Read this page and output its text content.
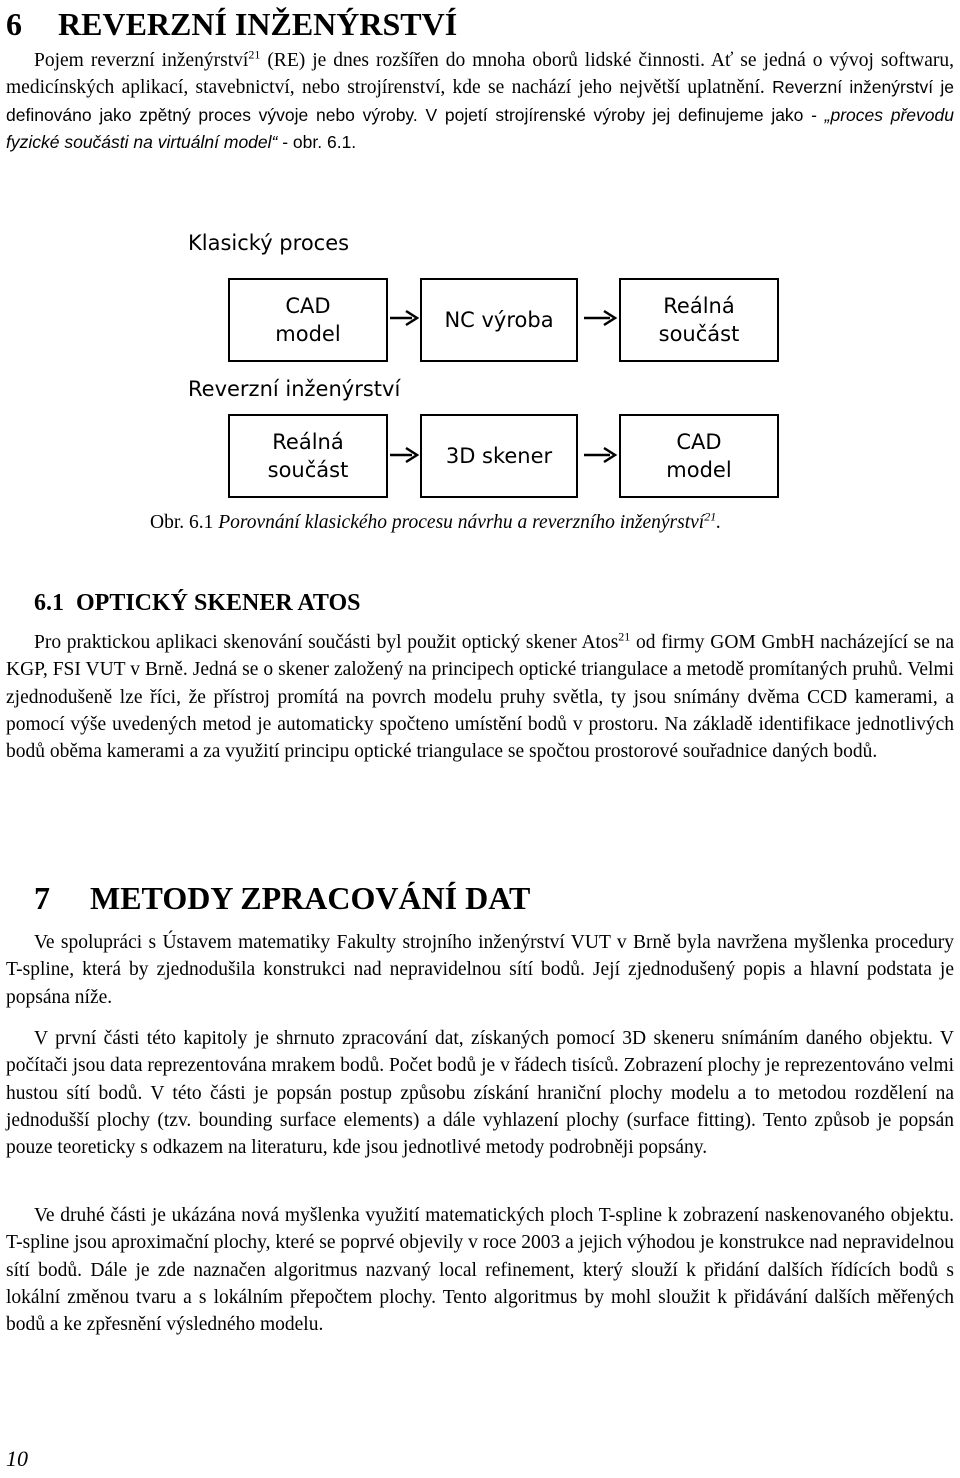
6 REVERZNÍ INŽENÝRSTVÍ

Pojem reverzní inženýrství$^{21}$ (RE) je dnes rozšířen do mnoha oborů lidské činnosti. Ať se jedná o vývoj softwaru, medicínských aplikací, stavebnictví, nebo strojírenství, kde se nachází jeho největší uplatnění. Reverzní inženýrství je definováno jako zpětný proces vývoje nebo výroby. V pojetí strojírenské výroby jej definujeme jako - „proces převodu fyzické součásti na virtuální model“ - obr. 6.1.

Klasický proces
CAD
model
NC výroba
Reálná
součást
Reverzní inženýrství
Reálná
součást
3D skener
CAD
model
Obr. 6.1 Porovnání klasického procesu návrhu a reverzního inženýrství$^{21}$.
6.1 OPTICKÝ SKENER ATOS

Pro praktickou aplikaci skenování součásti byl použit optický skener Atos$^{21}$ od firmy GOM GmbH nacházející se na KGP, FSI VUT v Brně. Jedná se o skener založený na principech optické triangulace a metodě promítaných pruhů. Velmi zjednodušeně lze říci, že přístroj promítá na povrch modelu pruhy světla, ty jsou snímány dvěma CCD kamerami, a pomocí výše uvedených metod je automaticky spočteno umístění bodů v prostoru. Na základě identifikace jednotlivých bodů oběma kamerami a za využití principu optické triangulace se spočtou prostorové souřadnice daných bodů.

7 METODY ZPRACOVÁNÍ DAT

Ve spolupráci s Ústavem matematiky Fakulty strojního inženýrství VUT v Brně byla navržena myšlenka procedury T-spline, která by zjednodušila konstrukci nad nepravidelnou sítí bodů. Její zjednodušený popis a hlavní podstata je popsána níže.

V první části této kapitoly je shrnuto zpracování dat, získaných pomocí 3D skeneru snímáním daného objektu. V počítači jsou data reprezentována mrakem bodů. Počet bodů je v řádech tisíců. Zobrazení plochy je reprezentováno velmi hustou sítí bodů. V této části je popsán postup způsobu získání hraniční plochy modelu a to metodou rozdělení na jednodušší plochy (tzv. bounding surface elements) a dále vyhlazení plochy (surface fitting). Tento způsob je popsán pouze teoreticky s odkazem na literaturu, kde jsou jednotlivé metody podrobněji popsány.

Ve druhé části je ukázána nová myšlenka využití matematických ploch T-spline k zobrazení naskenovaného objektu. T-spline jsou aproximační plochy, které se poprvé objevily v roce 2003 a jejich výhodou je konstrukce nad nepravidelnou sítí bodů. Dále je zde naznačen algoritmus nazvaný local refinement, který slouží k přidání dalších řídících bodů s lokální změnou tvaru a s lokálním přepočtem plochy. Tento algoritmus by mohl sloužit k přidávání dalších měřených bodů a ke zpřesnění výsledného modelu.

10
